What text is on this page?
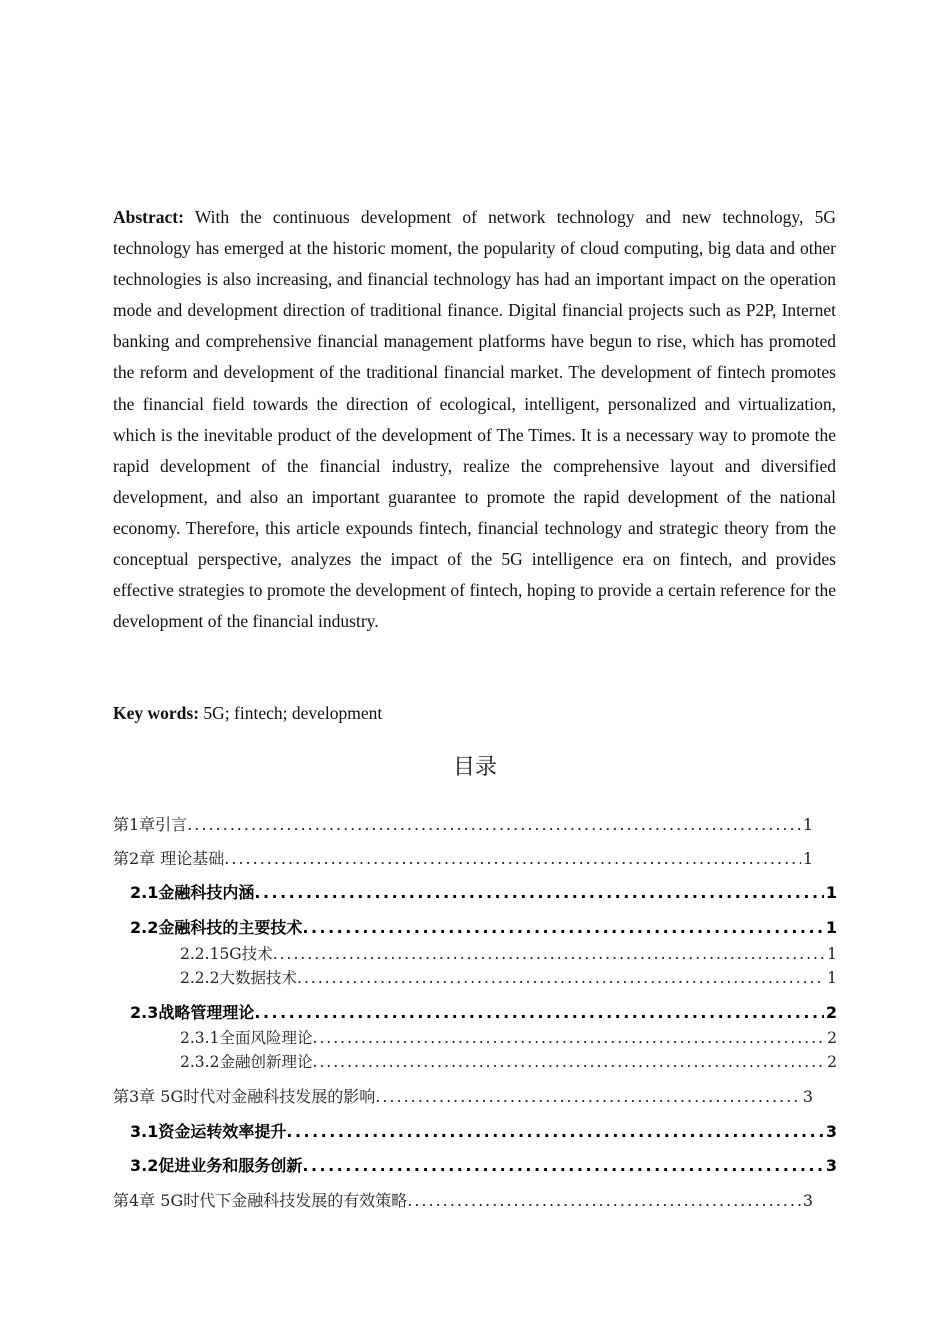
Abstract: With the continuous development of network technology and new technology, 5G technology has emerged at the historic moment, the popularity of cloud computing, big data and other technologies is also increasing, and financial technology has had an important impact on the operation mode and development direction of traditional finance. Digital financial projects such as P2P, Internet banking and comprehensive financial management platforms have begun to rise, which has promoted the reform and development of the traditional financial market. The development of fintech promotes the financial field towards the direction of ecological, intelligent, personalized and virtualization, which is the inevitable product of the development of The Times. It is a necessary way to promote the rapid development of the financial industry, realize the comprehensive layout and diversified development, and also an important guarantee to promote the rapid development of the national economy. Therefore, this article expounds fintech, financial technology and strategic theory from the conceptual perspective, analyzes the impact of the 5G intelligence era on fintech, and provides effective strategies to promote the development of fintech, hoping to provide a certain reference for the development of the financial industry.

Key words: 5G; fintech; development

目录
第1章引言 .....	1
第2章 理论基础 .....	1
2.1金融科技内涵 .....	1
2.2金融科技的主要技术 .....	1
2.2.15G技术 .....	1
2.2.2大数据技术 .....	1
2.3战略管理理论 .....	2
2.3.1全面风险理论 .....	2
2.3.2金融创新理论 .....	2
第3章 5G时代对金融科技发展的影响 .....	3
3.1资金运转效率提升 .....	3
3.2促进业务和服务创新 .....	3
第4章 5G时代下金融科技发展的有效策略 .....	3
